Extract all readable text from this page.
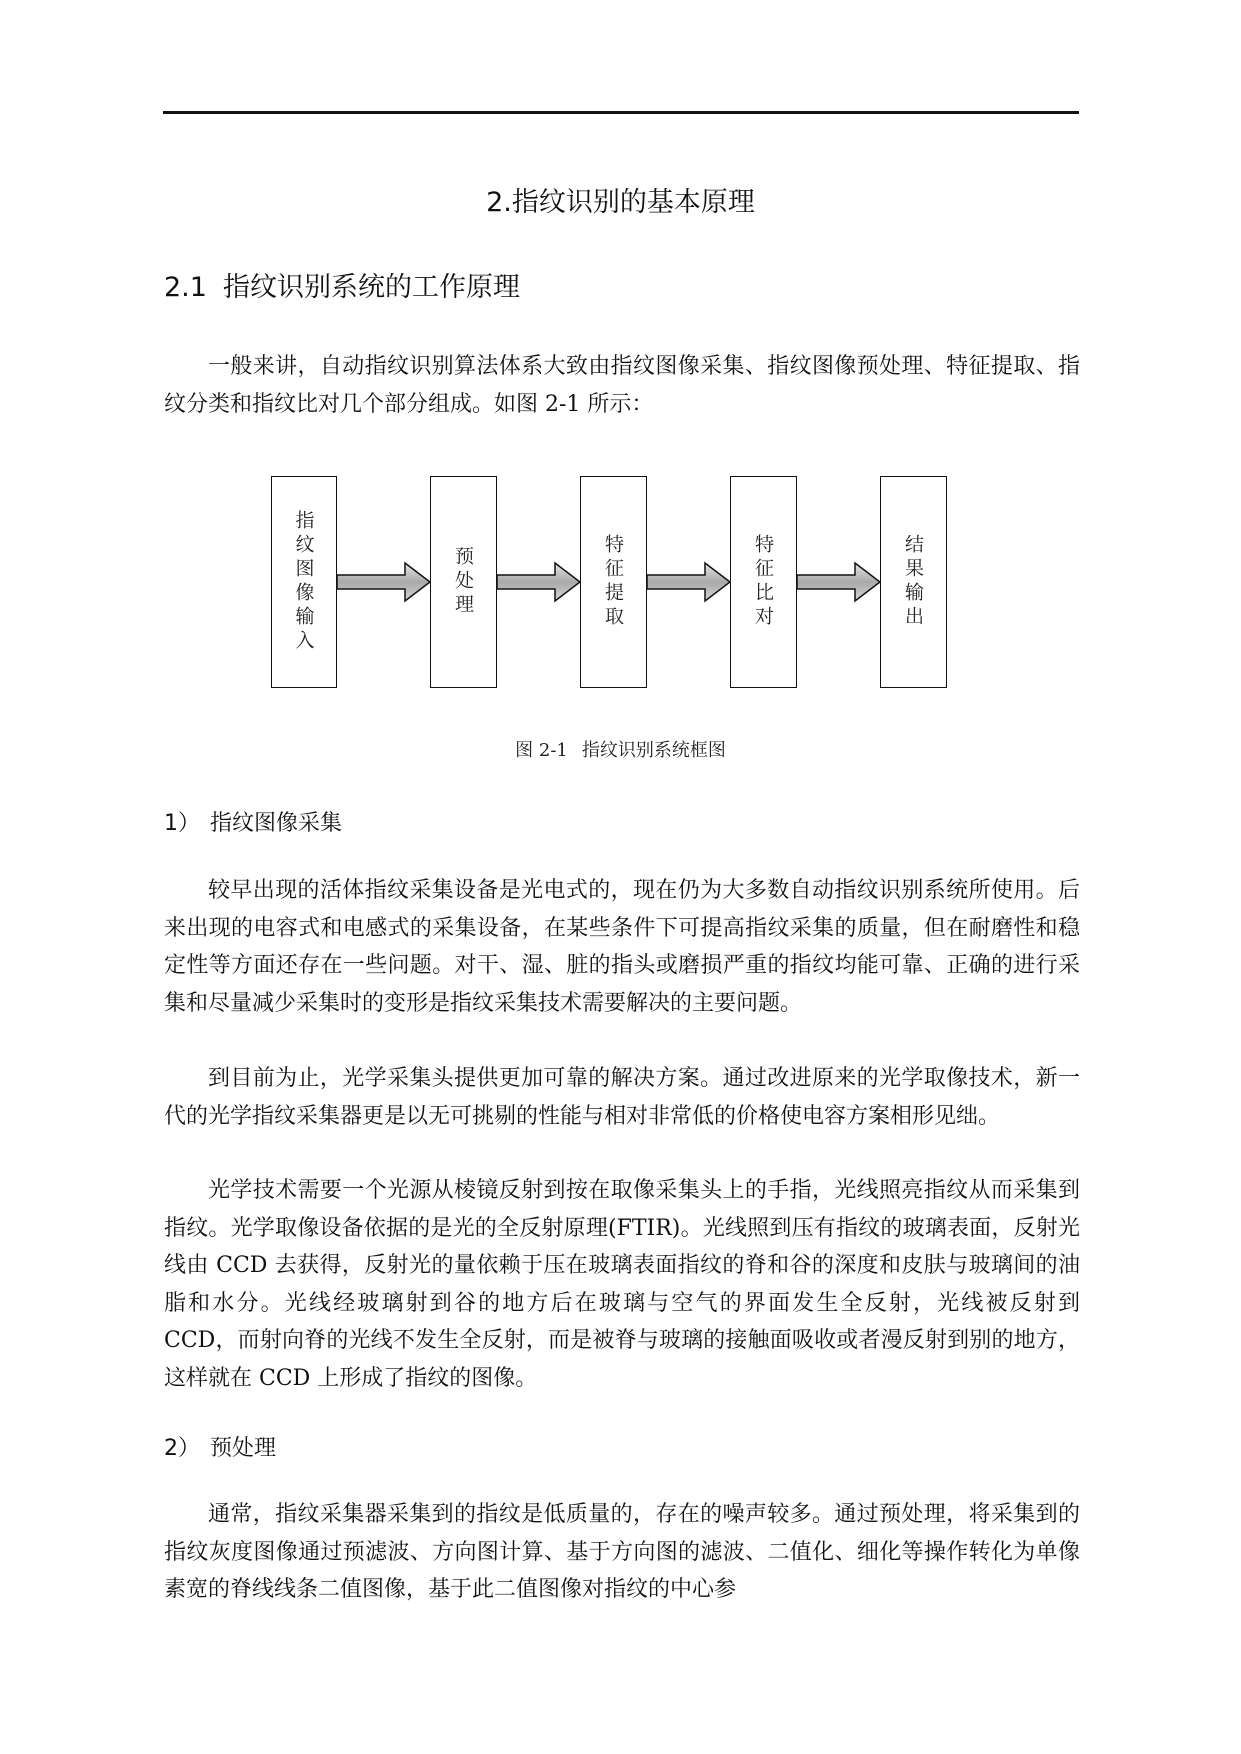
2.指纹识别的基本原理
2.1 指纹识别系统的工作原理

一般来讲，自动指纹识别算法体系大致由指纹图像采集、指纹图像预处理、特征提取、指纹分类和指纹比对几个部分组成。如图 2-1 所示：

指纹图像输入	预处理	特征提取	特征比对	结果输出
图 2-1 指纹识别系统框图
1） 指纹图像采集

较早出现的活体指纹采集设备是光电式的，现在仍为大多数自动指纹识别系统所使用。后来出现的电容式和电感式的采集设备，在某些条件下可提高指纹采集的质量，但在耐磨性和稳定性等方面还存在一些问题。对干、湿、脏的指头或磨损严重的指纹均能可靠、正确的进行采集和尽量减少采集时的变形是指纹采集技术需要解决的主要问题。

到目前为止，光学采集头提供更加可靠的解决方案。通过改进原来的光学取像技术，新一代的光学指纹采集器更是以无可挑剔的性能与相对非常低的价格使电容方案相形见绌。

光学技术需要一个光源从棱镜反射到按在取像采集头上的手指，光线照亮指纹从而采集到指纹。光学取像设备依据的是光的全反射原理(FTIR)。光线照到压有指纹的玻璃表面，反射光线由 CCD 去获得，反射光的量依赖于压在玻璃表面指纹的脊和谷的深度和皮肤与玻璃间的油脂和水分。光线经玻璃射到谷的地方后在玻璃与空气的界面发生全反射，光线被反射到 CCD，而射向脊的光线不发生全反射，而是被脊与玻璃的接触面吸收或者漫反射到别的地方，这样就在 CCD 上形成了指纹的图像。

2） 预处理

通常，指纹采集器采集到的指纹是低质量的，存在的噪声较多。通过预处理，将采集到的指纹灰度图像通过预滤波、方向图计算、基于方向图的滤波、二值化、细化等操作转化为单像素宽的脊线线条二值图像，基于此二值图像对指纹的中心参
